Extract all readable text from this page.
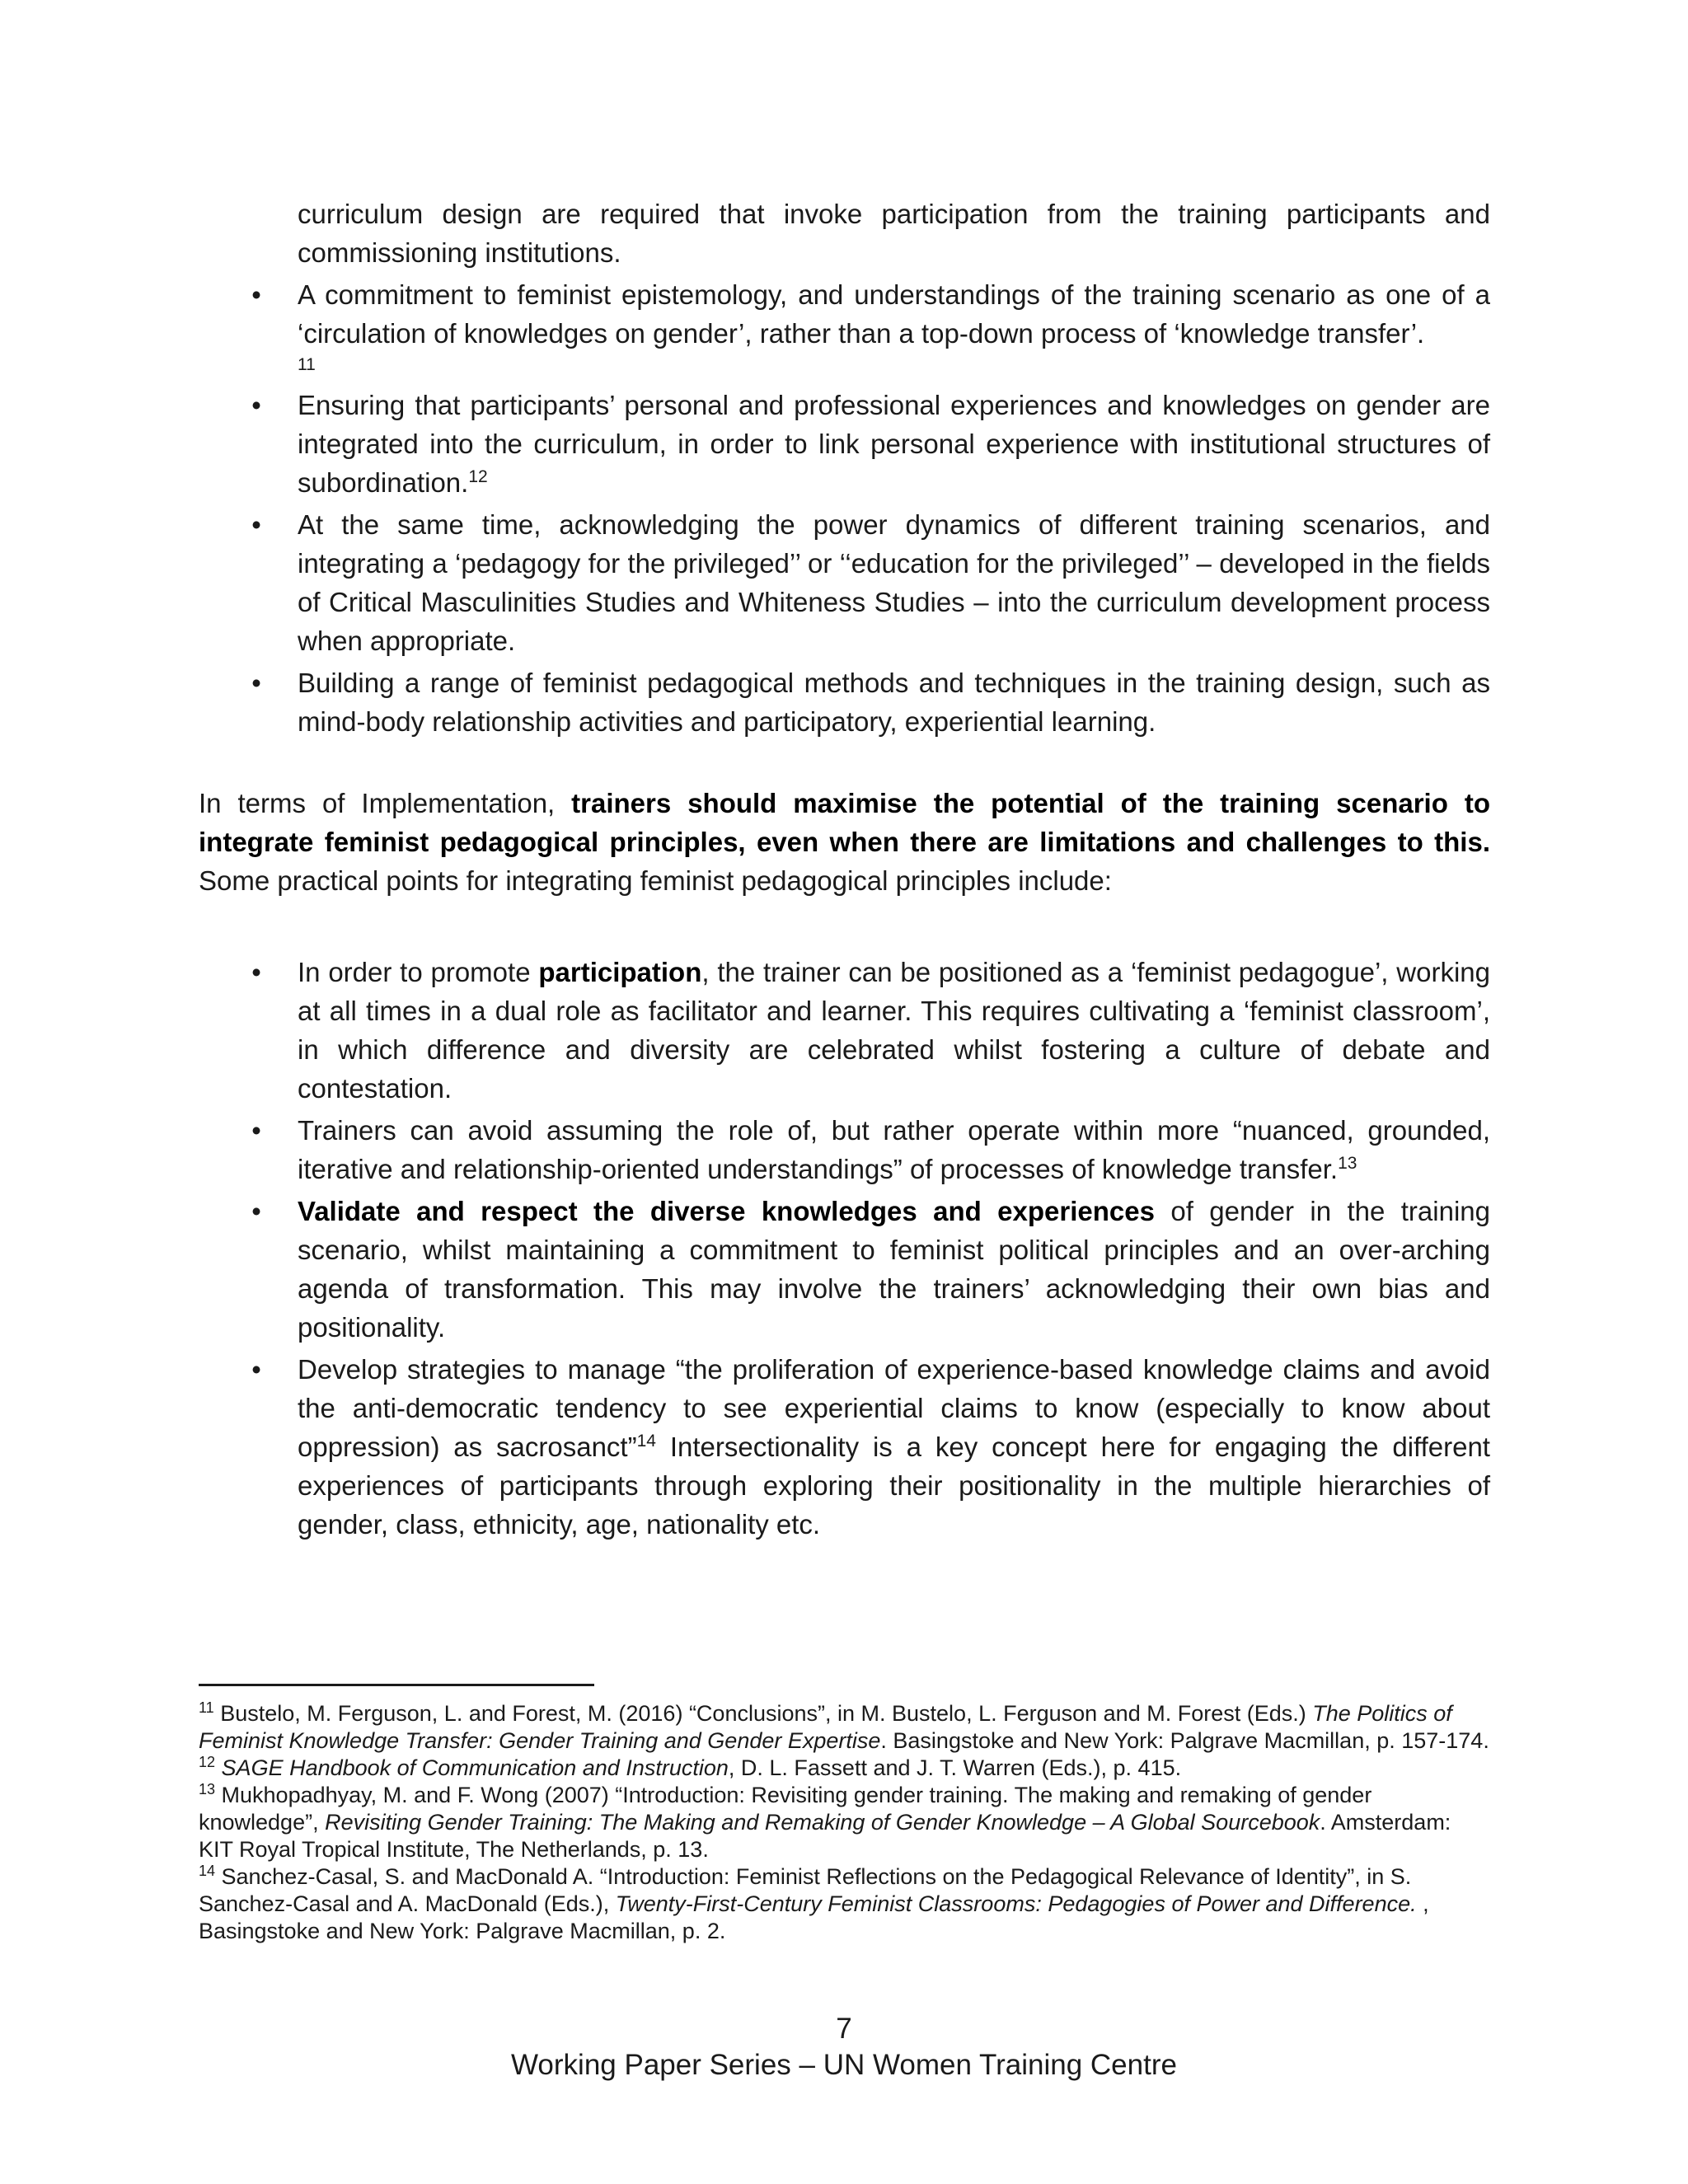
curriculum design are required that invoke participation from the training participants and commissioning institutions.

• A commitment to feminist epistemology, and understandings of the training scenario as one of a ‘circulation of knowledges on gender’, rather than a top-down process of ‘knowledge transfer’.

11
• Ensuring that participants’ personal and professional experiences and knowledges on gender are integrated into the curriculum, in order to link personal experience with institutional structures of subordination.$^{12}$

• At the same time, acknowledging the power dynamics of different training scenarios, and integrating a ‘pedagogy for the privileged’’ or ‘‘education for the privileged’’ – developed in the fields of Critical Masculinities Studies and Whiteness Studies – into the curriculum development process when appropriate.

• Building a range of feminist pedagogical methods and techniques in the training design, such as mind-body relationship activities and participatory, experiential learning.

In terms of Implementation, trainers should maximise the potential of the training scenario to integrate feminist pedagogical principles, even when there are limitations and challenges to this. Some practical points for integrating feminist pedagogical principles include:

• In order to promote participation, the trainer can be positioned as a ‘feminist pedagogue’, working at all times in a dual role as facilitator and learner. This requires cultivating a ‘feminist classroom’, in which difference and diversity are celebrated whilst fostering a culture of debate and contestation.

• Trainers can avoid assuming the role of, but rather operate within more “nuanced, grounded, iterative and relationship-oriented understandings” of processes of knowledge transfer.$^{13}$

• Validate and respect the diverse knowledges and experiences of gender in the training scenario, whilst maintaining a commitment to feminist political principles and an over-arching agenda of transformation. This may involve the trainers’ acknowledging their own bias and positionality.

• Develop strategies to manage “the proliferation of experience-based knowledge claims and avoid the anti-democratic tendency to see experiential claims to know (especially to know about oppression) as sacrosanct”$^{14}$ Intersectionality is a key concept here for engaging the different experiences of participants through exploring their positionality in the multiple hierarchies of gender, class, ethnicity, age, nationality etc.

$^{11}$ Bustelo, M. Ferguson, L. and Forest, M. (2016) “Conclusions”, in M. Bustelo, L. Ferguson and M. Forest (Eds.) The Politics of Feminist Knowledge Transfer: Gender Training and Gender Expertise. Basingstoke and New York: Palgrave Macmillan, p. 157-174.

$^{12}$ SAGE Handbook of Communication and Instruction, D. L. Fassett and J. T. Warren (Eds.), p. 415.

$^{13}$ Mukhopadhyay, M. and F. Wong (2007) “Introduction: Revisiting gender training. The making and remaking of gender knowledge”, Revisiting Gender Training: The Making and Remaking of Gender Knowledge – A Global Sourcebook. Amsterdam: KIT Royal Tropical Institute, The Netherlands, p. 13.

$^{14}$ Sanchez-Casal, S. and MacDonald A. “Introduction: Feminist Reflections on the Pedagogical Relevance of Identity”, in S. Sanchez-Casal and A. MacDonald (Eds.), Twenty-First-Century Feminist Classrooms: Pedagogies of Power and Difference. , Basingstoke and New York: Palgrave Macmillan, p. 2.

7
Working Paper Series – UN Women Training Centre
